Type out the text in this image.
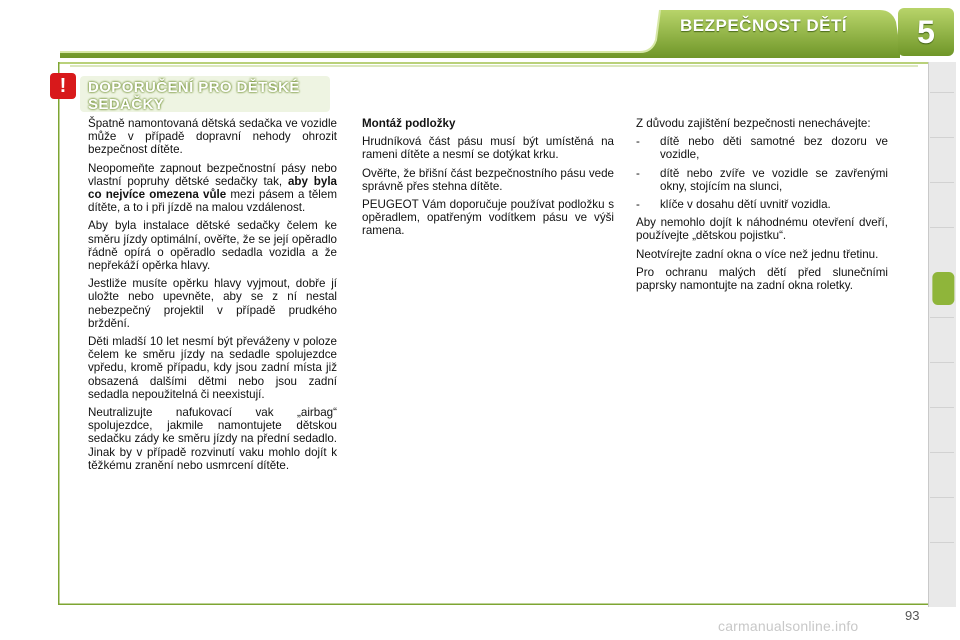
BEZPEČNOST DĚTÍ	5
!	DOPORUČENÍ PRO DĚTSKÉ
SEDAČKY

Špatně namontovaná dětská sedačka ve vozidle může v případě dopravní nehody ohrozit bezpečnost dítěte.

Neopomeňte zapnout bezpečnostní pásy nebo vlastní popruhy dětské sedačky tak, aby byla co nejvíce omezena vůle mezi pásem a tělem dítěte, a to i při jízdě na malou vzdálenost.

Aby byla instalace dětské sedačky čelem ke směru jízdy optimální, ověřte, že se její opěradlo řádně opírá o opěradlo sedadla vozidla a že nepřekáží opěrka hlavy.

Jestliže musíte opěrku hlavy vyjmout, dobře jí uložte nebo upevněte, aby se z ní nestal nebezpečný projektil v případě prudkého brždění.

Děti mladší 10 let nesmí být převáženy v poloze čelem ke směru jízdy na sedadle spolujezdce vpředu, kromě případu, kdy jsou zadní místa již obsazená dalšími dětmi nebo jsou zadní sedadla nepoužitelná či neexistují.

Neutralizujte nafukovací vak „airbag“ spolujezdce, jakmile namontujete dětskou sedačku zády ke směru jízdy na přední sedadlo. Jinak by v případě rozvinutí vaku mohlo dojít k těžkému zranění nebo usmrcení dítěte.

Montáž podložky

Hrudníková část pásu musí být umístěná na rameni dítěte a nesmí se dotýkat krku.

Ověřte, že břišní část bezpečnostního pásu vede správně přes stehna dítěte.

PEUGEOT Vám doporučuje používat podložku s opěradlem, opatřeným vodítkem pásu ve výši ramena.

Z důvodu zajištění bezpečnosti nenechávejte:

- dítě nebo děti samotné bez dozoru ve vozidle,
- dítě nebo zvíře ve vozidle se zavřenými okny, stojícím na slunci,
- klíče v dosahu dětí uvnitř vozidla.

Aby nemohlo dojít k náhodnému otevření dveří, používejte „dětskou pojistku“.

Neotvírejte zadní okna o více než jednu třetinu.

Pro ochranu malých dětí před slunečními paprsky namontujte na zadní okna roletky.

93
carmanualsonline.info
